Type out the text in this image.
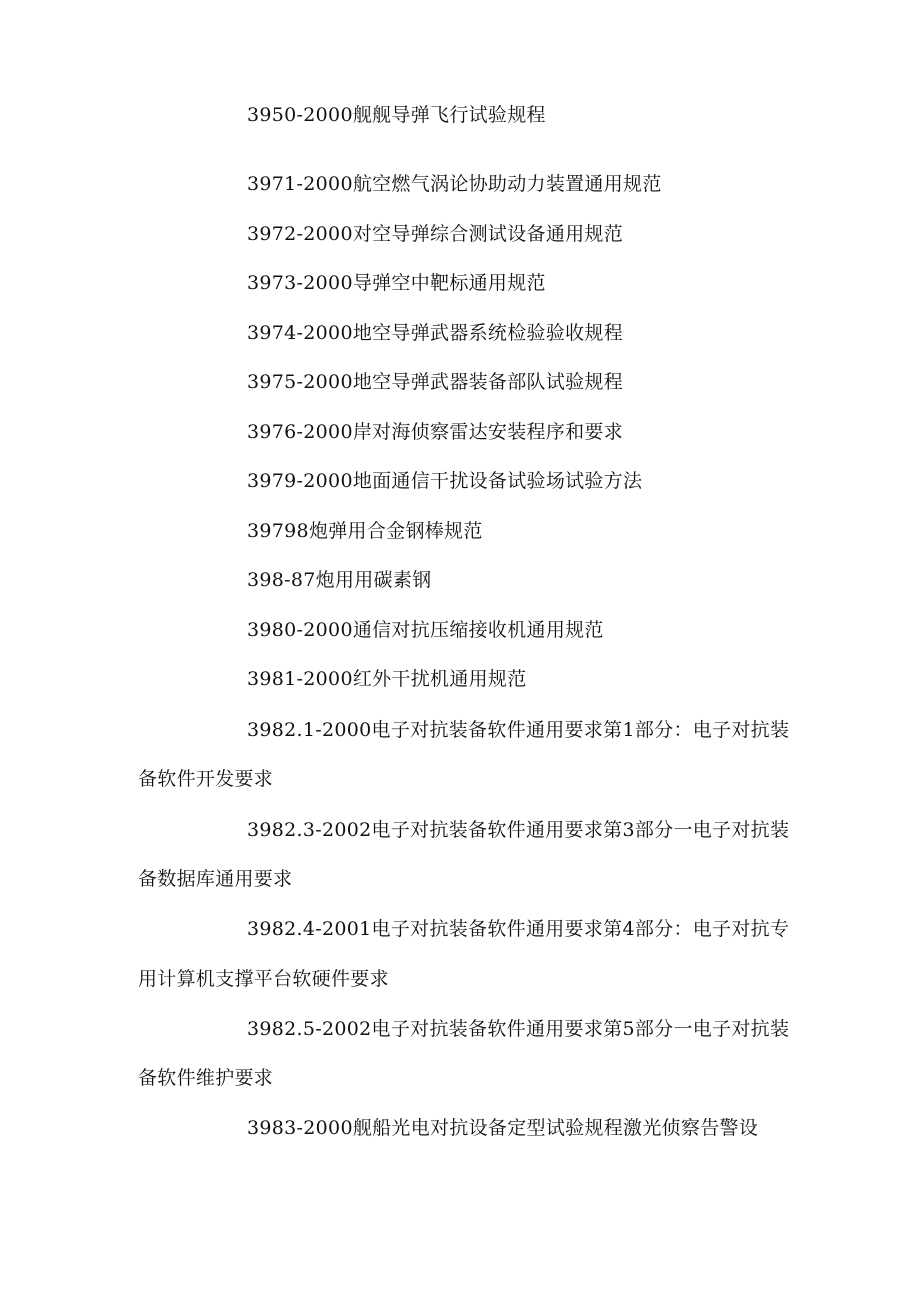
3950-2000舰舰导弹飞行试验规程
3971-2000航空燃气涡论协助动力装置通用规范
3972-2000对空导弹综合测试设备通用规范
3973-2000导弹空中靶标通用规范
3974-2000地空导弹武器系统检验验收规程
3975-2000地空导弹武器装备部队试验规程
3976-2000岸对海侦察雷达安装程序和要求
3979-2000地面通信干扰设备试验场试验方法
39798炮弹用合金钢棒规范
398-87炮用用碳素钢
3980-2000通信对抗压缩接收机通用规范
3981-2000红外干扰机通用规范
3982.1-2000电子对抗装备软件通用要求第1部分：电子对抗装
备软件开发要求
3982.3-2002电子对抗装备软件通用要求第3部分一电子对抗装
备数据库通用要求
3982.4-2001电子对抗装备软件通用要求第4部分：电子对抗专
用计算机支撑平台软硬件要求
3982.5-2002电子对抗装备软件通用要求第5部分一电子对抗装
备软件维护要求
3983-2000舰船光电对抗设备定型试验规程激光侦察告警设
